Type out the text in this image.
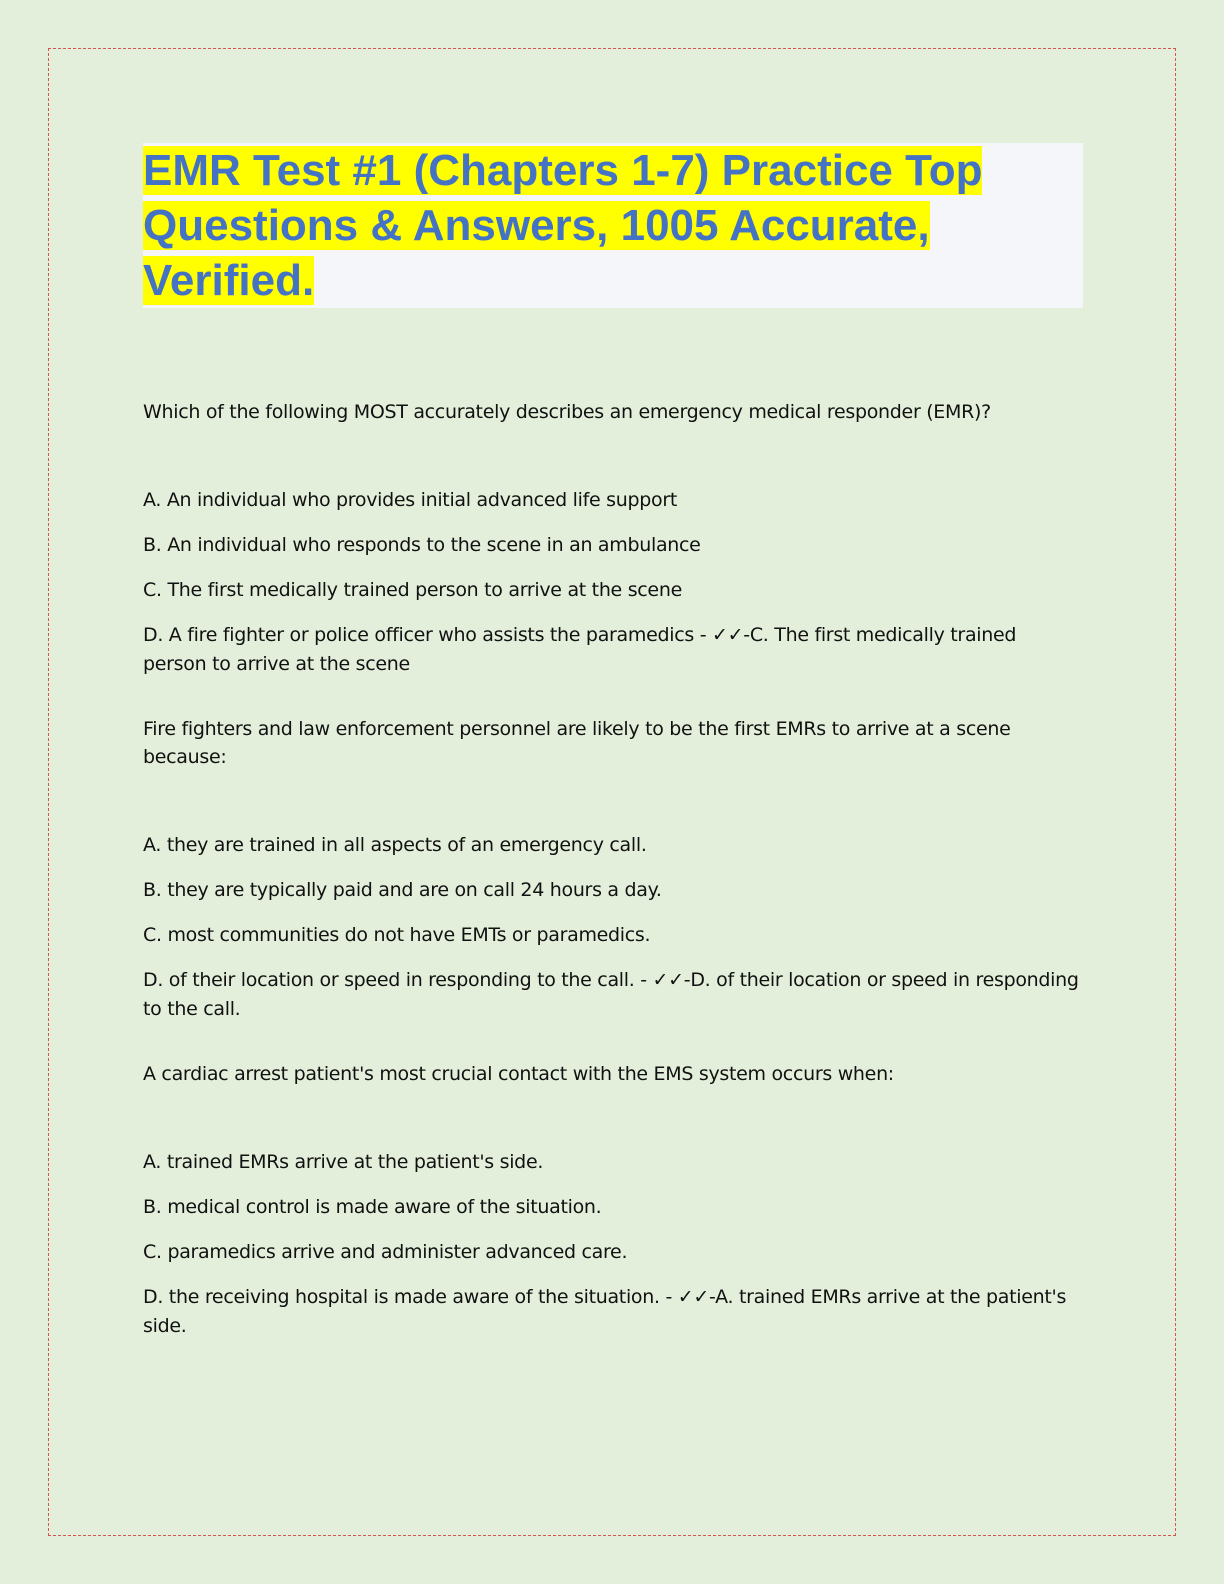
EMR Test #1 (Chapters 1-7) Practice Top
Questions & Answers, 1005 Accurate,
Verified.

Which of the following MOST accurately describes an emergency medical responder (EMR)?

A. An individual who provides initial advanced life support
B. An individual who responds to the scene in an ambulance
C. The first medically trained person to arrive at the scene
D. A fire fighter or police officer who assists the paramedics - ✓✓-C. The first medically trained person to arrive at the scene

Fire fighters and law enforcement personnel are likely to be the first EMRs to arrive at a scene because:

A. they are trained in all aspects of an emergency call.
B. they are typically paid and are on call 24 hours a day.
C. most communities do not have EMTs or paramedics.
D. of their location or speed in responding to the call. - ✓✓-D. of their location or speed in responding to the call.

A cardiac arrest patient's most crucial contact with the EMS system occurs when:

A. trained EMRs arrive at the patient's side.
B. medical control is made aware of the situation.
C. paramedics arrive and administer advanced care.
D. the receiving hospital is made aware of the situation. - ✓✓-A. trained EMRs arrive at the patient's side.
